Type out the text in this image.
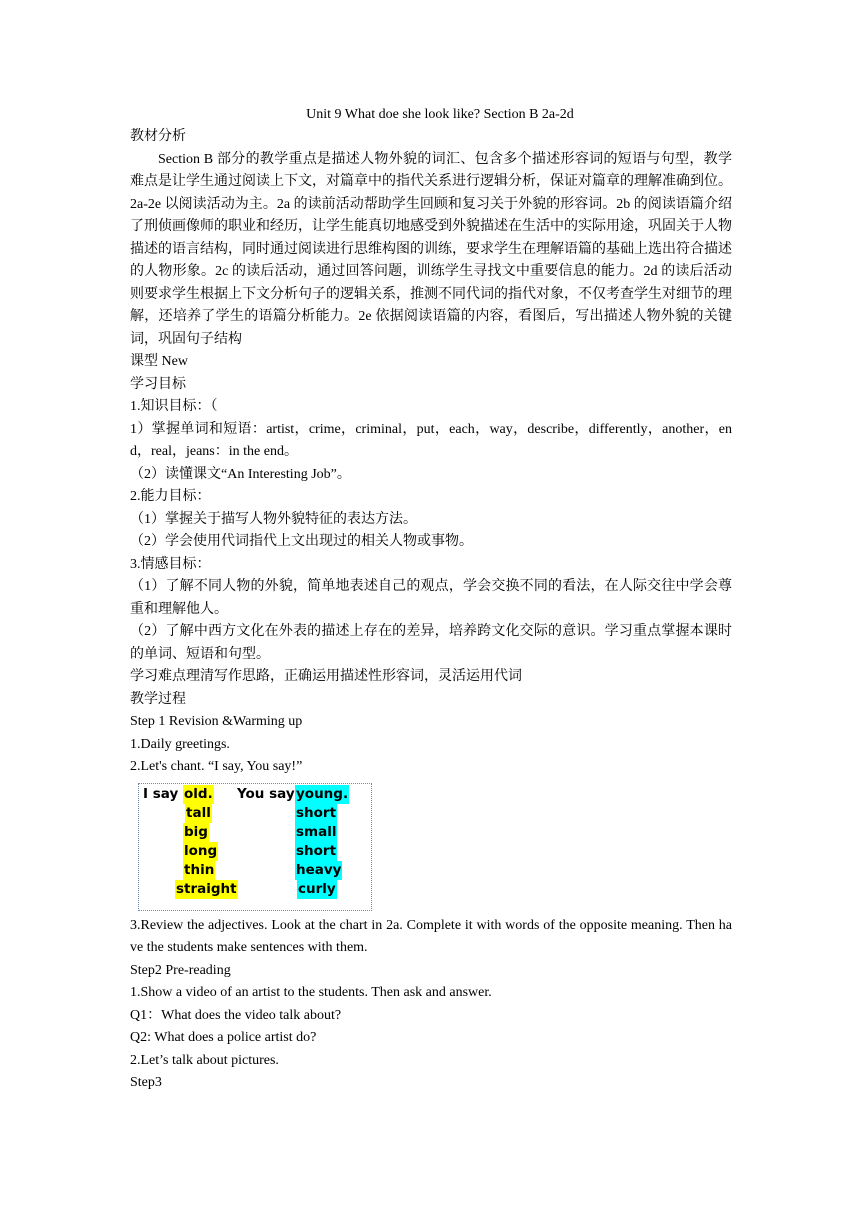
Unit 9 What doe she look like? Section B 2a-2d
教材分析
Section B 部分的教学重点是描述人物外貌的词汇、包含多个描述形容词的短语与句型，教学难点是让学生通过阅读上下文，对篇章中的指代关系进行逻辑分析，保证对篇章的理解准确到位。2a-2e 以阅读活动为主。2a 的读前活动帮助学生回顾和复习关于外貌的形容词。2b 的阅读语篇介绍了刑侦画像师的职业和经历，让学生能真切地感受到外貌描述在生活中的实际用途，巩固关于人物描述的语言结构，同时通过阅读进行思维构图的训练，要求学生在理解语篇的基础上选出符合描述的人物形象。2c 的读后活动，通过回答问题，训练学生寻找文中重要信息的能力。2d 的读后活动则要求学生根据上下文分析句子的逻辑关系，推测不同代词的指代对象，不仅考查学生对细节的理解，还培养了学生的语篇分析能力。2e 依据阅读语篇的内容，看图后，写出描述人物外貌的关键词，巩固句子结构
课型 New
学习目标
1.知识目标：（
1）掌握单词和短语：artist，crime，criminal，put，each，way，describe，differently，another，end，real，jeans：in the end。
（2）读懂课文“An Interesting Job”。
2.能力目标：
（1）掌握关于描写人物外貌特征的表达方法。
（2）学会使用代词指代上文出现过的相关人物或事物。
3.情感目标：
（1）了解不同人物的外貌，简单地表述自己的观点，学会交换不同的看法，在人际交往中学会尊重和理解他人。
（2）了解中西方文化在外表的描述上存在的差异，培养跨文化交际的意识。学习重点掌握本课时的单词、短语和句型。
学习难点理清写作思路，正确运用描述性形容词，灵活运用代词
教学过程
Step 1 Revision &Warming up
1.Daily greetings.
2.Let's chant. “I say, You say!”
I say	You say
old.
tall
big
long
thin
straight
young.
short
small
short
heavy
curly
3.Review the adjectives. Look at the chart in 2a. Complete it with words of the opposite meaning. Then have the students make sentences with them.
Step2 Pre-reading
1.Show a video of an artist to the students. Then ask and answer.
Q1：What does the video talk about?
Q2: What does a police artist do?
2.Let’s talk about pictures.
Step3
